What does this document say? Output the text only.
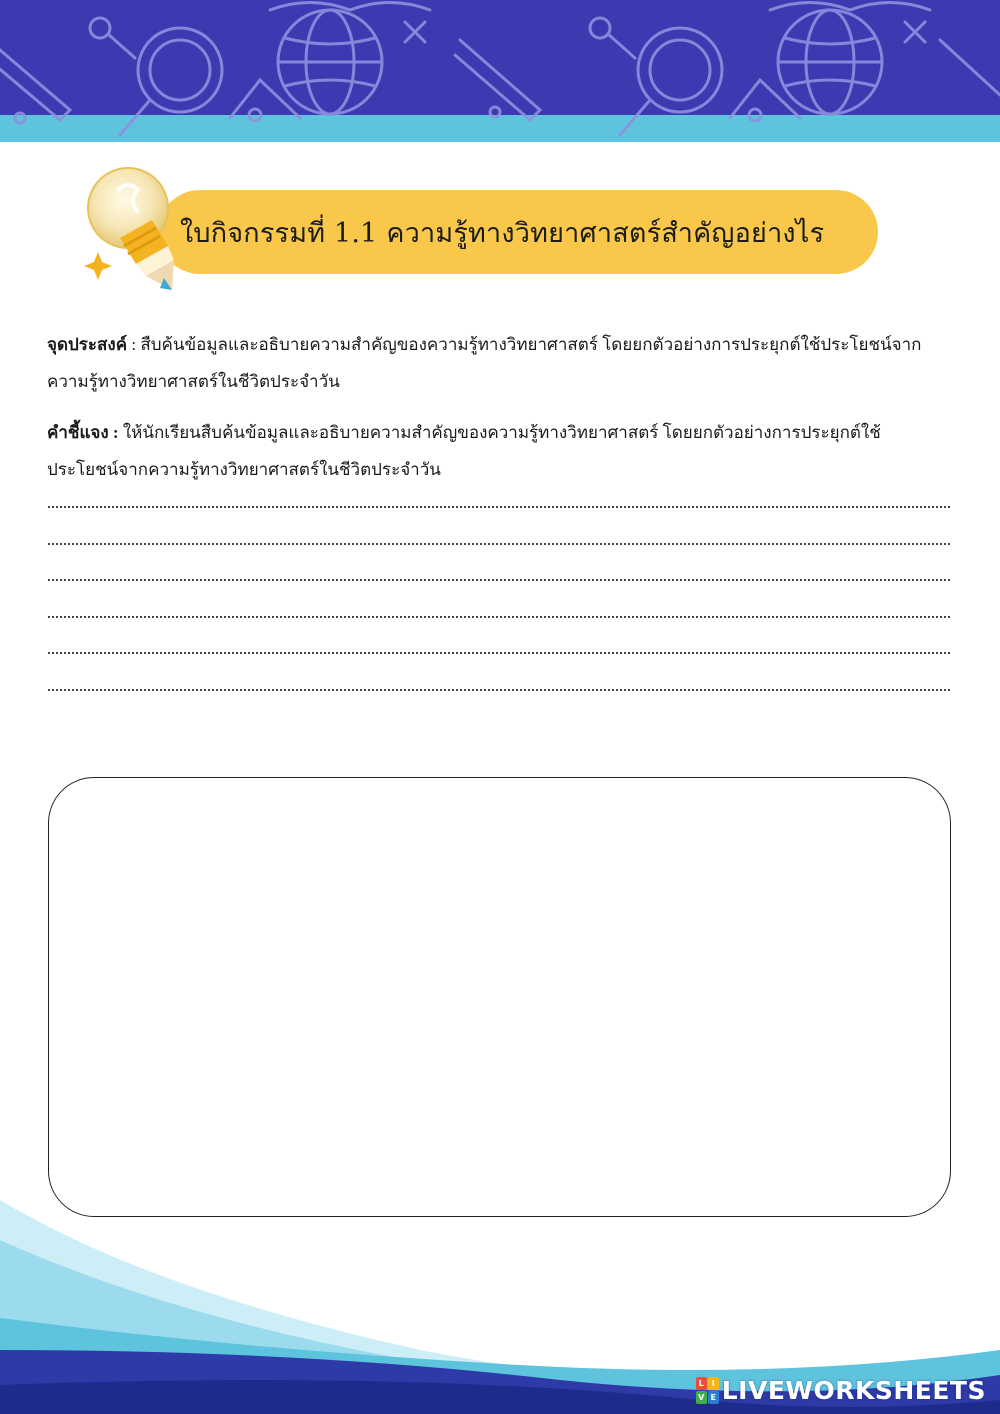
ใบกิจกรรมที่ 1.1 ความรู้ทางวิทยาศาสตร์สำคัญอย่างไร

จุดประสงค์ : สืบค้นข้อมูลและอธิบายความสำคัญของความรู้ทางวิทยาศาสตร์ โดยยกตัวอย่างการประยุกต์ใช้ประโยชน์จากความรู้ทางวิทยาศาสตร์ในชีวิตประจำวัน

คำชี้แจง : ให้นักเรียนสืบค้นข้อมูลและอธิบายความสำคัญของความรู้ทางวิทยาศาสตร์ โดยยกตัวอย่างการประยุกต์ใช้ ประโยชน์จากความรู้ทางวิทยาศาสตร์ในชีวิตประจำวัน

L I
V E LIVEWORKSHEETS
